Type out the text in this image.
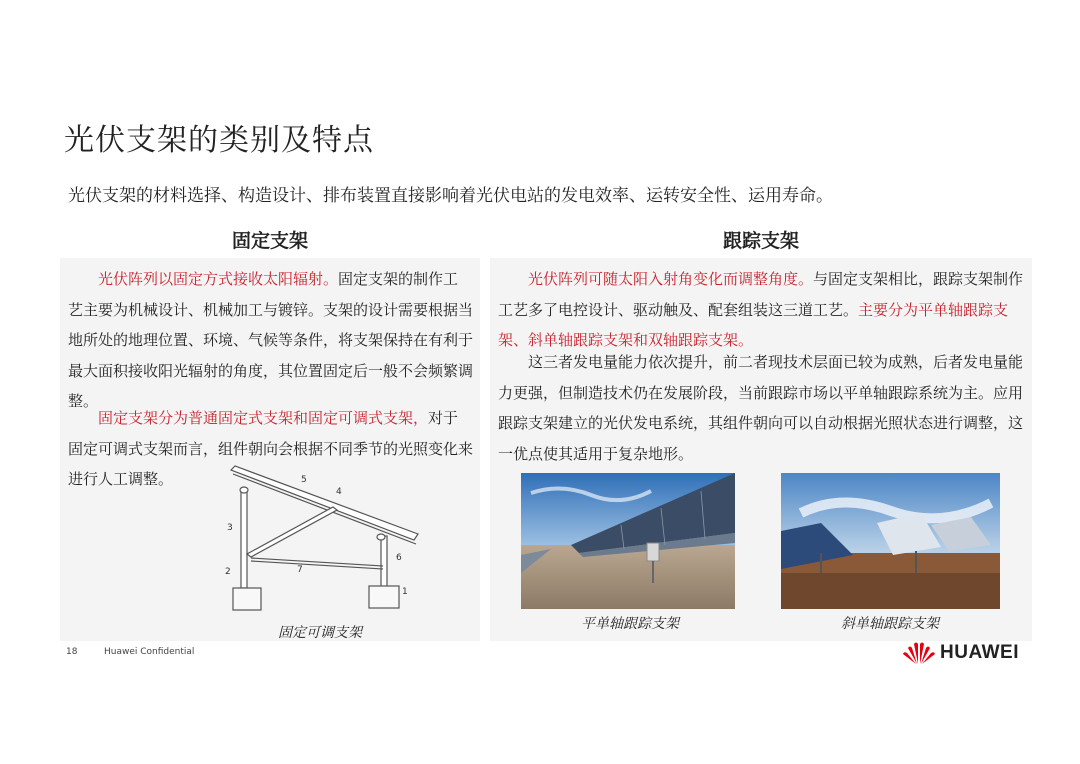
光伏支架的类别及特点
光伏支架的材料选择、构造设计、排布装置直接影响着光伏电站的发电效率、运转安全性、运用寿命。
固定支架	跟踪支架

光伏阵列以固定方式接收太阳辐射。固定支架的制作工艺主要为机械设计、机械加工与镀锌。支架的设计需要根据当地所处的地理位置、环境、气候等条件，将支架保持在有利于最大面积接收阳光辐射的角度，其位置固定后一般不会频繁调整。

固定支架分为普通固定式支架和固定可调式支架，对于固定可调式支架而言，组件朝向会根据不同季节的光照变化来进行人工调整。

光伏阵列可随太阳入射角变化而调整角度。与固定支架相比，跟踪支架制作工艺多了电控设计、驱动触及、配套组装这三道工艺。主要分为平单轴跟踪支架、斜单轴跟踪支架和双轴跟踪支架。

这三者发电量能力依次提升，前二者现技术层面已较为成熟，后者发电量能力更强，但制造技术仍在发展阶段，当前跟踪市场以平单轴跟踪系统为主。应用跟踪支架建立的光伏发电系统，其组件朝向可以自动根据光照状态进行调整，这一优点使其适用于复杂地形。

5
4
3
6
7
2
1
固定可调支架
平单轴跟踪支架	斜单轴跟踪支架
18	Huawei Confidential	HUAWEI
